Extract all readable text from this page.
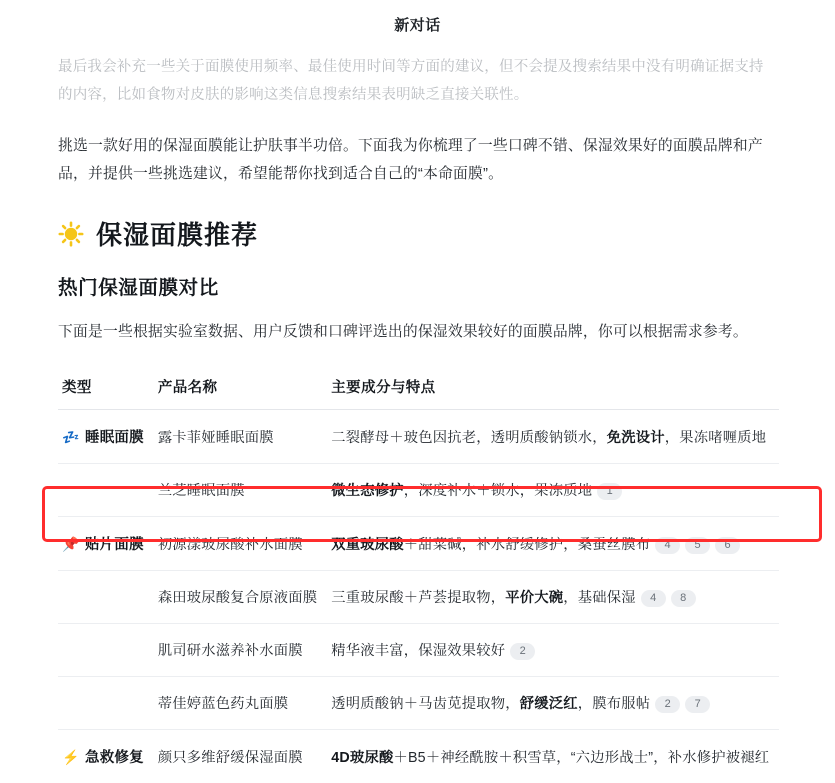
新对话
最后我会补充一些关于面膜使用频率、最佳使用时间等方面的建议，但不会提及搜索结果中没有明确证据支持的内容，比如食物对皮肤的影响这类信息搜索结果表明缺乏直接关联性。
挑选一款好用的保湿面膜能让护肤事半功倍。下面我为你梳理了一些口碑不错、保湿效果好的面膜品牌和产品，并提供一些挑选建议，希望能帮你找到适合自己的“本命面膜”。
保湿面膜推荐
热门保湿面膜对比
下面是一些根据实验室数据、用户反馈和口碑评选出的保湿效果较好的面膜品牌，你可以根据需求参考。
类型	产品名称	主要成分与特点

💤 睡眠面膜	露卡菲娅睡眠面膜	二裂酵母＋玻色因抗老，透明质酸钠锁水，免洗设计，果冻啫喱质地
	兰芝睡眠面膜	微生态修护，深度补水＋锁水，果冻质地 1

📌 贴片面膜	初源漾玻尿酸补水面膜	双重玻尿酸＋甜菜碱，补水舒缓修护，桑蚕丝膜布 4 5 6
	森田玻尿酸复合原液面膜	三重玻尿酸＋芦荟提取物，平价大碗，基础保湿 4 8
	肌司研水滋养补水面膜	精华液丰富，保湿效果较好 2
	蒂佳婷蓝色药丸面膜	透明质酸钠＋马齿苋提取物，舒缓泛红，膜布服帖 2 7

⚡ 急救修复	颜只多维舒缓保湿面膜	4D玻尿酸＋B5＋神经酰胺＋积雪草，“六边形战士”，补水修护被褪红
